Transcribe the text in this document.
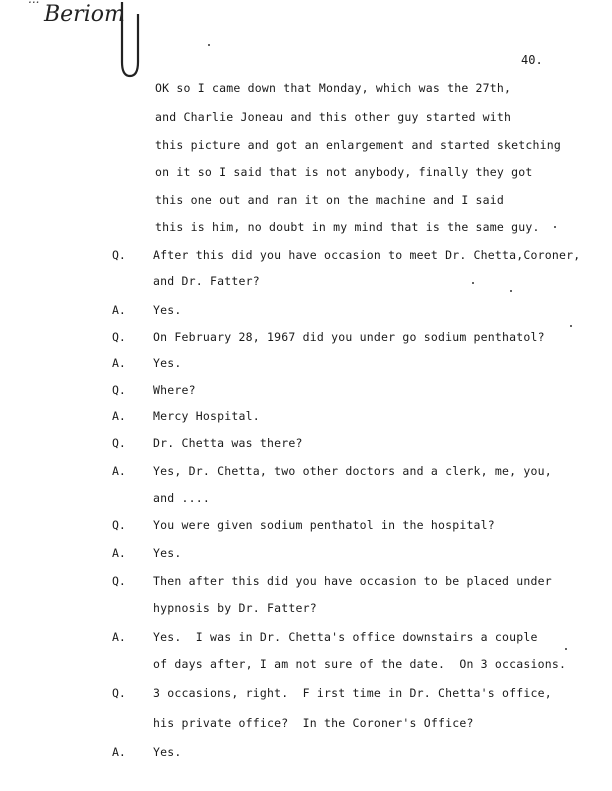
Beriom
40.
OK so I came down that Monday, which was the 27th,
and Charlie Joneau and this other guy started with
this picture and got an enlargement and started sketching
on it so I said that is not anybody, finally they got
this one out and ran it on the machine and I said
this is him, no doubt in my mind that is the same guy.
Q. After this did you have occasion to meet Dr. Chetta,Coroner,
and Dr. Fatter?
A. Yes.
Q. On February 28, 1967 did you under go sodium penthatol?
A. Yes.
Q. Where?
A. Mercy Hospital.
Q. Dr. Chetta was there?
A. Yes, Dr. Chetta, two other doctors and a clerk, me, you,
and ....
Q. You were given sodium penthatol in the hospital?
A. Yes.
Q. Then after this did you have occasion to be placed under
hypnosis by Dr. Fatter?
A. Yes.  I was in Dr. Chetta's office downstairs a couple
of days after, I am not sure of the date.  On 3 occasions.
Q. 3 occasions, right.  F irst time in Dr. Chetta's office,
his private office?  In the Coroner's Office?
A. Yes.
